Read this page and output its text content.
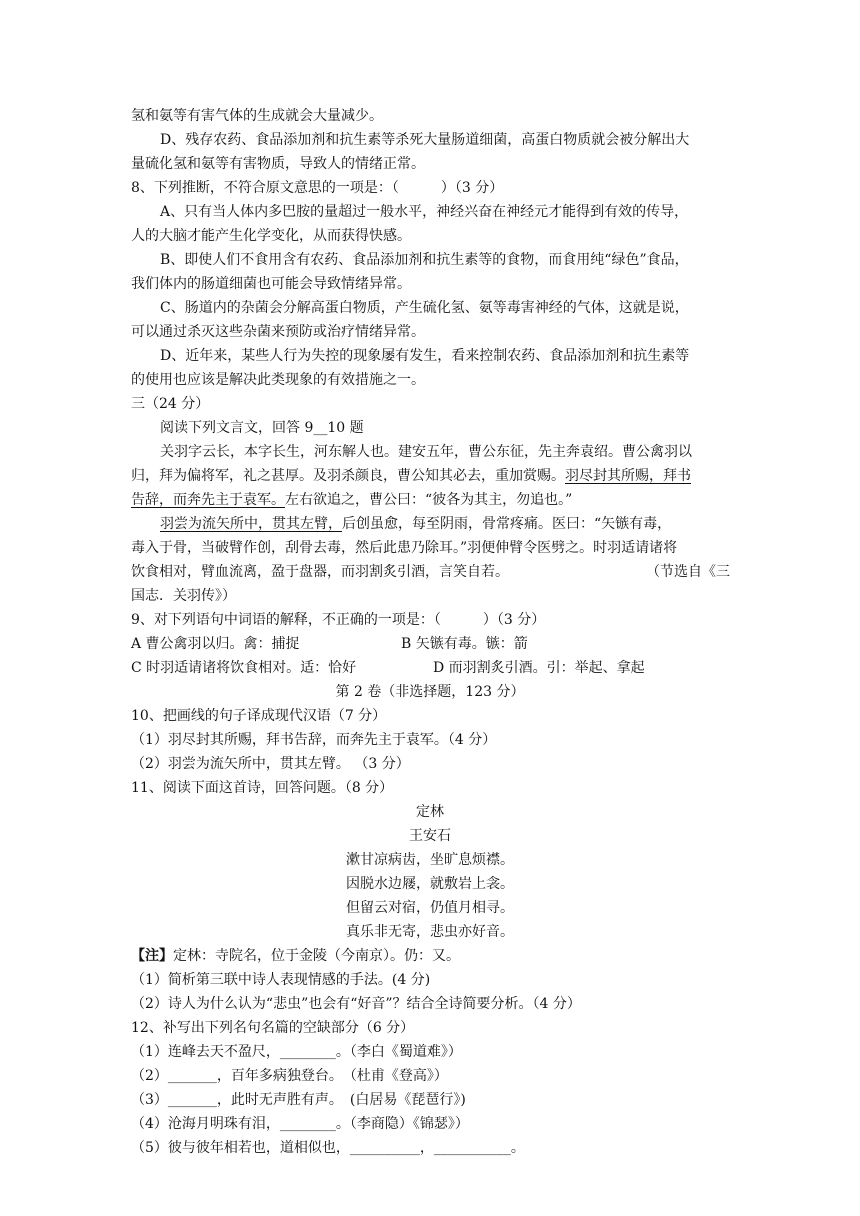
氢和氨等有害气体的生成就会大量减少。
D、残存农药、食品添加剂和抗生素等杀死大量肠道细菌，高蛋白物质就会被分解出大
量硫化氢和氨等有害物质，导致人的情绪正常。
8、下列推断，不符合原文意思的一项是：（　　　）（3 分）
A、只有当人体内多巴胺的量超过一般水平，神经兴奋在神经元才能得到有效的传导，
人的大脑才能产生化学变化，从而获得快感。
B、即使人们不食用含有农药、食品添加剂和抗生素等的食物，而食用纯“绿色”食品，
我们体内的肠道细菌也可能会导致情绪异常。
C、肠道内的杂菌会分解高蛋白物质，产生硫化氢、氨等毒害神经的气体，这就是说，
可以通过杀灭这些杂菌来预防或治疗情绪异常。
D、近年来，某些人行为失控的现象屡有发生，看来控制农药、食品添加剂和抗生素等
的使用也应该是解决此类现象的有效措施之一。
三（24 分）
阅读下列文言文，回答 9__10 题
关羽字云长，本字长生，河东解人也。建安五年，曹公东征，先主奔袁绍。曹公禽羽以
归，拜为偏将军，礼之甚厚。及羽杀颜良，曹公知其必去，重加赏赐。羽尽封其所赐，拜书
告辞，而奔先主于袁军。左右欲追之，曹公曰：“彼各为其主，勿追也。”
羽尝为流矢所中，贯其左臂，后创虽愈，每至阴雨，骨常疼痛。医曰：“矢镞有毒，
毒入于骨，当破臂作创，刮骨去毒，然后此患乃除耳。”羽便伸臂令医劈之。时羽适请诸将
饮食相对，臂血流离，盈于盘器，而羽割炙引酒，言笑自若。	（节选自《三
国志．关羽传》）
9、对下列语句中词语的解释，不正确的一项是：（　　　）（3 分）
A 曹公禽羽以归。禽：捕捉	B 矢镞有毒。镞：箭
C 时羽适请诸将饮食相对。适：恰好	D 而羽割炙引酒。引：举起、拿起
第 2 卷（非选择题，123 分）
10、把画线的句子译成现代汉语（7 分）
（1）羽尽封其所赐，拜书告辞，而奔先主于袁军。（4 分）
（2）羽尝为流矢所中，贯其左臂。 （3 分）
11、阅读下面这首诗，回答问题。（8 分）
定林
王安石
漱甘凉病齿，坐旷息烦襟。
因脱水边屦，就敷岩上衾。
但留云对宿，仍值月相寻。
真乐非无寄，悲虫亦好音。
【注】定林：寺院名，位于金陵（今南京）。仍：又。
（1）简析第三联中诗人表现情感的手法。(4 分)
（2）诗人为什么认为“悲虫”也会有“好音”？结合全诗简要分析。（4 分）
12、补写出下列名句名篇的空缺部分（6 分）
（1）连峰去天不盈尺，________。（李白《蜀道难》）
（2）_______，百年多病独登台。　（杜甫《登高》）
（3）_______，此时无声胜有声。　(白居易《琵琶行》)
（4）沧海月明珠有泪，________。（李商隐）《锦瑟》）
（5）彼与彼年相若也，道相似也，__________，___________。
